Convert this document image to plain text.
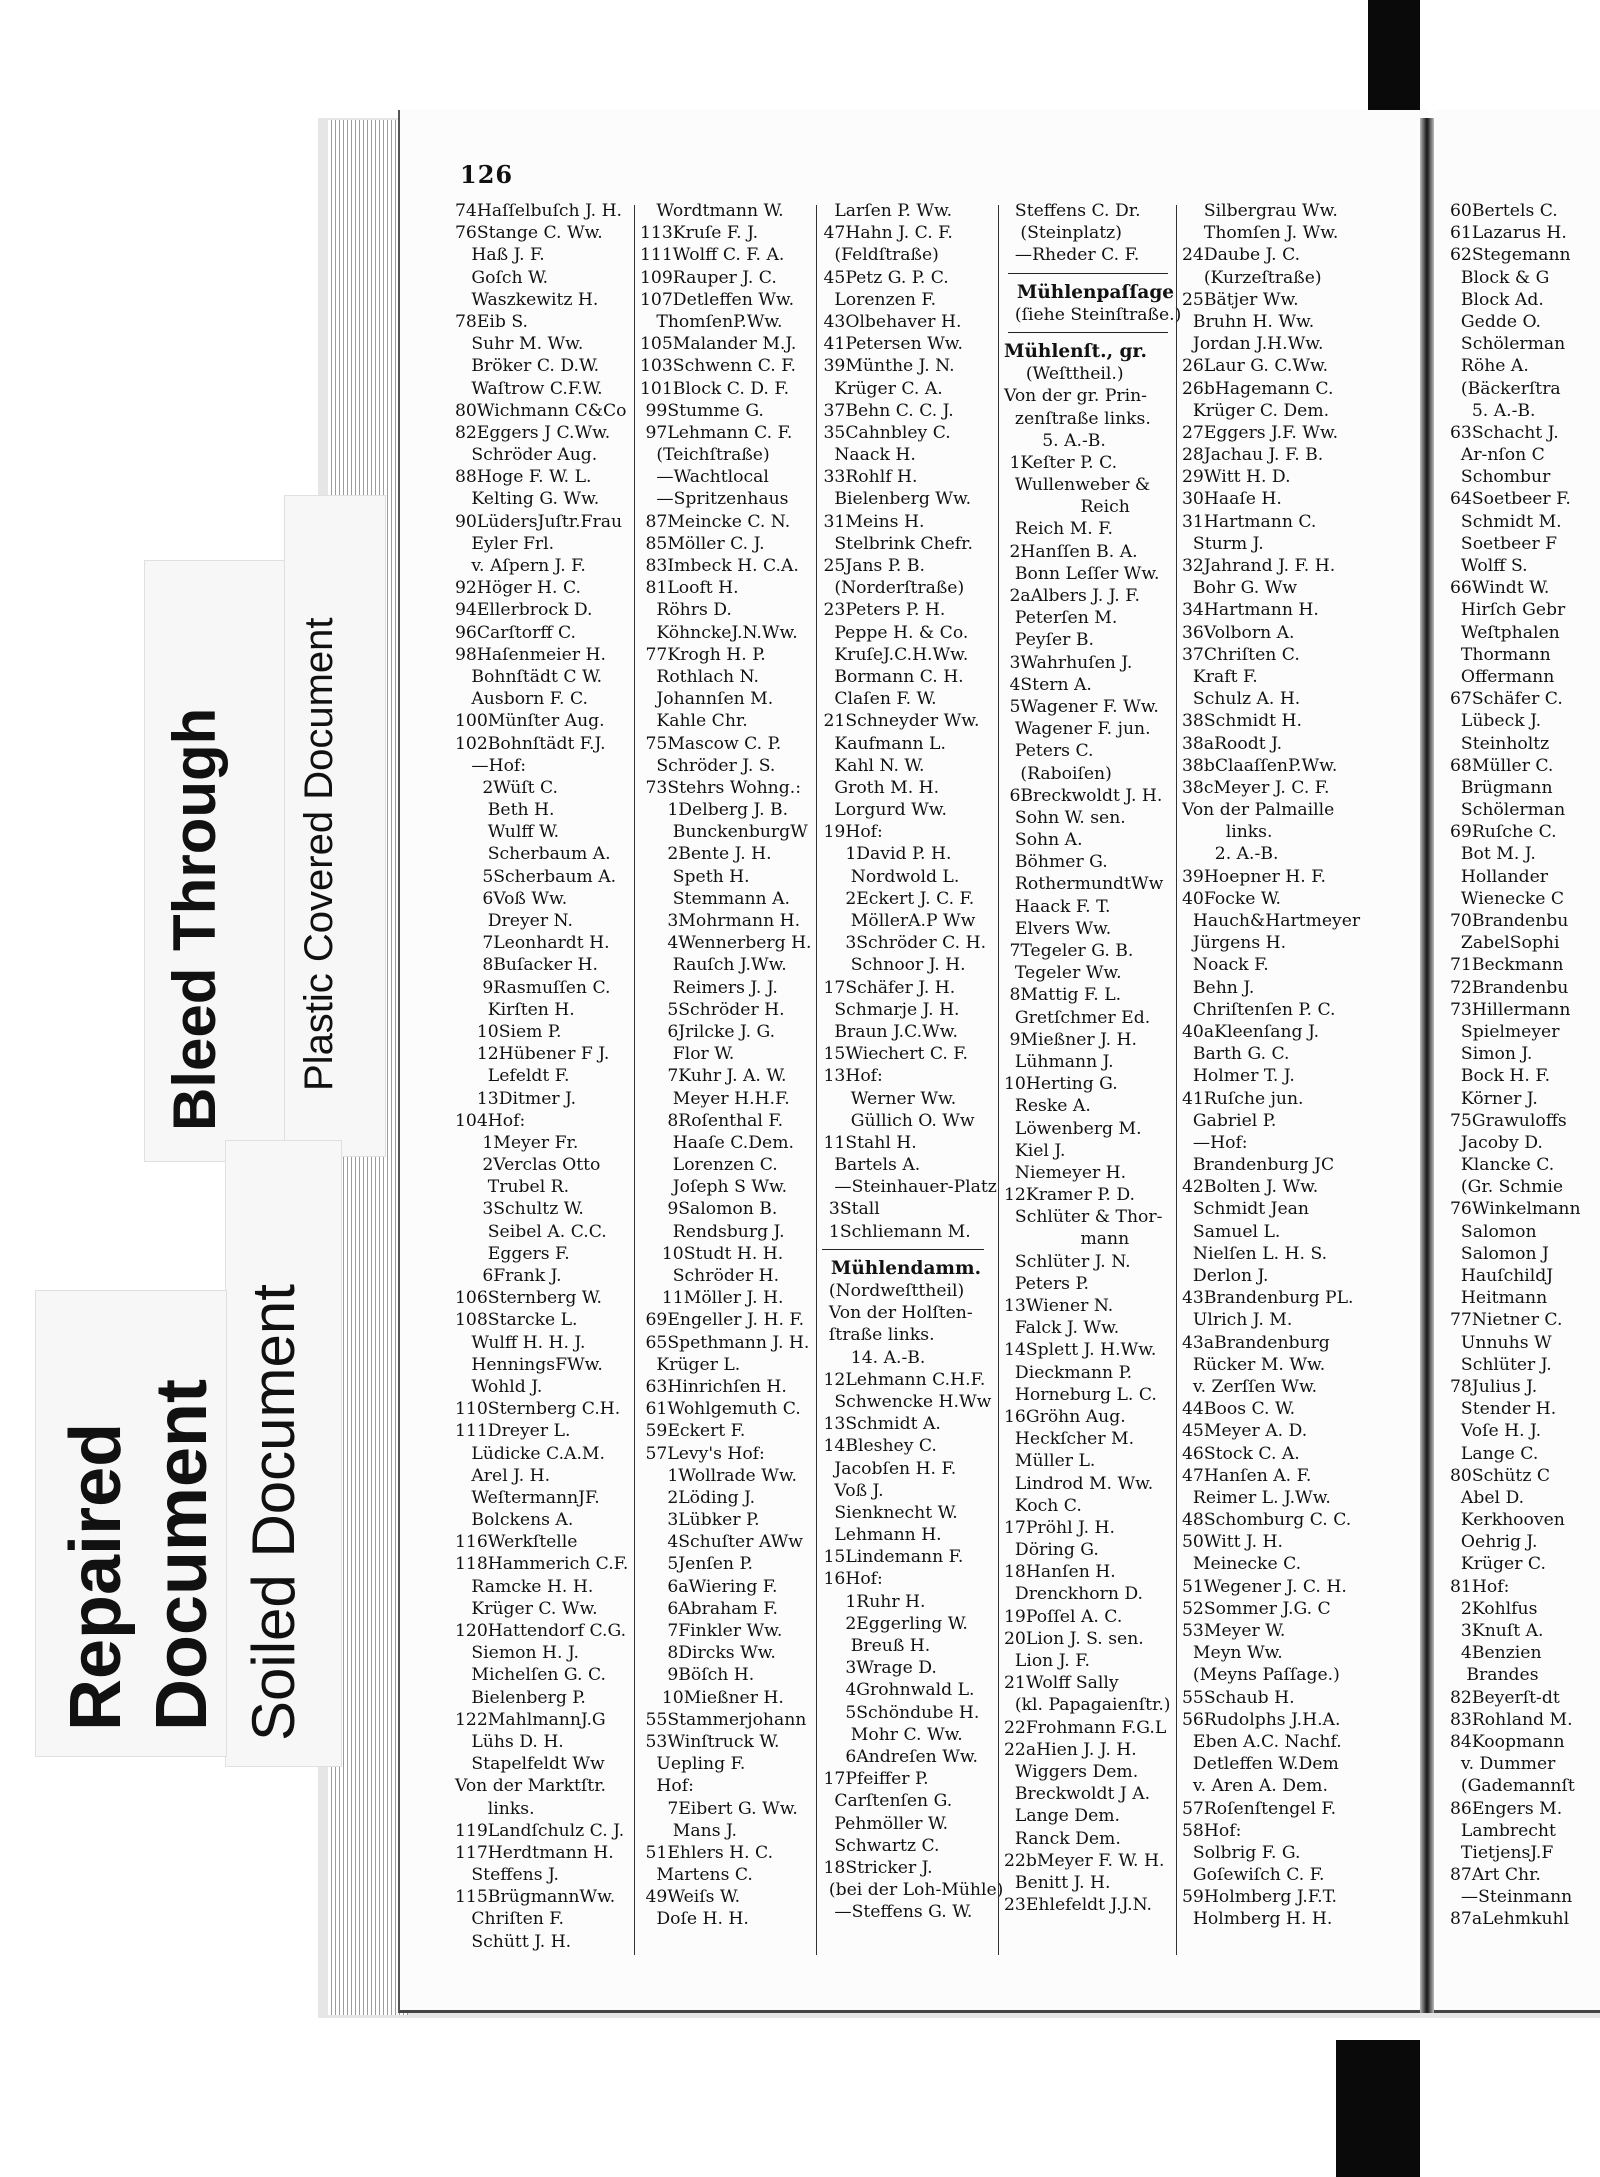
60Bertels C.
61Lazarus H.
62Stegemann
Block & G
Block Ad.
Gedde O.
Schölerman
Röhe A.
(Bäckerſtra
5. A.-B.
63Schacht J.
Ar-nſon C
Schombur
64Soetbeer F.
Schmidt M.
Soetbeer F
Wolff S.
66Windt W.
Hirſch Gebr
Weſtphalen
Thormann
Offermann
67Schäfer C.
Lübeck J.
Steinholtz
68Müller C.
Brügmann
Schölerman
69Ruſche C.
Bot M. J.
Hollander
Wienecke C
70Brandenbu
ZabelSophi
71Beckmann
72Brandenbu
73Hillermann
Spielmeyer
Simon J.
Bock H. F.
Körner J.
75Grawuloffs
Jacoby D.
Klancke C.
(Gr. Schmie
76Winkelmann
Salomon
Salomon J
HauſchildJ
Heitmann
77Nietner C.
Unnuhs W
Schlüter J.
78Julius J.
Stender H.
Voſe H. J.
Lange C.
80Schütz C
Abel D.
Kerkhooven
Oehrig J.
Krüger C.
81Hof:
2Kohlfus
3Knuſt A.
4Benzien
Brandes
82Beyerſt-dt
83Rohland M.
84Koopmann
v. Dummer
(Gademannſt
86Engers M.
Lambrecht
TietjensJ.F
87Art Chr.
—Steinmann
87aLehmkuhl
126
74Haſſelbuſch J. H.
76Stange C. Ww.
Haß J. F.
Goſch W.
Waszkewitz H.
78Eib S.
Suhr M. Ww.
Bröker C. D.W.
Waſtrow C.F.W.
80Wichmann C&Co
82Eggers J C.Ww.
Schröder Aug.
88Hoge F. W. L.
Kelting G. Ww.
90LüdersJuſtr.Frau
Eyler Frl.
v. Aſpern J. F.
92Höger H. C.
94Ellerbrock D.
96Carſtorff C.
98Haſenmeier H.
Bohnſtädt C W.
Ausborn F. C.
100Münſter Aug.
102Bohnſtädt F.J.
—Hof:
2Wüſt C.
Beth H.
Wulff W.
Scherbaum A.
5Scherbaum A.
6Voß Ww.
Dreyer N.
7Leonhardt H.
8Buſacker H.
9Rasmuſſen C.
Kirſten H.
10Siem P.
12Hübener F J.
Lefeldt F.
13Ditmer J.
104Hof:
1Meyer Fr.
2Verclas Otto
Trubel R.
3Schultz W.
Seibel A. C.C.
Eggers F.
6Frank J.
106Sternberg W.
108Starcke L.
Wulff H. H. J.
HenningsFWw.
Wohld J.
110Sternberg C.H.
111Dreyer L.
Lüdicke C.A.M.
Arel J. H.
WeſtermannJF.
Bolckens A.
116Werkſtelle
118Hammerich C.F.
Ramcke H. H.
Krüger C. Ww.
120Hattendorf C.G.
Siemon H. J.
Michelſen G. C.
Bielenberg P.
122MahlmannJ.G
Lühs D. H.
Stapelfeldt Ww
Von der Marktſtr.
links.
119Landſchulz C. J.
117Herdtmann H.
Steffens J.
115BrügmannWw.
Chriſten F.
Schütt J. H.
Wordtmann W.
113Kruſe F. J.
111Wolff C. F. A.
109Rauper J. C.
107Detleffen Ww.
ThomſenP.Ww.
105Malander M.J.
103Schwenn C. F.
101Block C. D. F.
99Stumme G.
97Lehmann C. F.
(Teichſtraße)
—Wachtlocal
—Spritzenhaus
87Meincke C. N.
85Möller C. J.
83Imbeck H. C.A.
81Looft H.
Röhrs D.
KöhnckeJ.N.Ww.
77Krogh H. P.
Rothlach N.
Johannſen M.
Kahle Chr.
75Mascow C. P.
Schröder J. S.
73Stehrs Wohng.:
1Delberg J. B.
BunckenburgW
2Bente J. H.
Speth H.
Stemmann A.
3Mohrmann H.
4Wennerberg H.
Rauſch J.Ww.
Reimers J. J.
5Schröder H.
6Jrilcke J. G.
Flor W.
7Kuhr J. A. W.
Meyer H.H.F.
8Roſenthal F.
Haaſe C.Dem.
Lorenzen C.
Joſeph S Ww.
9Salomon B.
Rendsburg J.
10Studt H. H.
Schröder H.
11Möller J. H.
69Engeller J. H. F.
65Spethmann J. H.
Krüger L.
63Hinrichſen H.
61Wohlgemuth C.
59Eckert F.
57Levy's Hof:
1Wollrade Ww.
2Löding J.
3Lübker P.
4Schuſter AWw
5Jenſen P.
6aWiering F.
6Abraham F.
7Finkler Ww.
8Dircks Ww.
9Böſch H.
10Mießner H.
55Stammerjohann
53Winſtruck W.
Uepling F.
Hof:
7Eibert G. Ww.
Mans J.
51Ehlers H. C.
Martens C.
49Weiſs W.
Doſe H. H.
Larſen P. Ww.
47Hahn J. C. F.
(Feldſtraße)
45Petz G. P. C.
Lorenzen F.
43Olbehaver H.
41Petersen Ww.
39Münthe J. N.
Krüger C. A.
37Behn C. C. J.
35Cahnbley C.
Naack H.
33Rohlf H.
Bielenberg Ww.
31Meins H.
Stelbrink Chefr.
25Jans P. B.
(Norderſtraße)
23Peters P. H.
Peppe H. & Co.
KruſeJ.C.H.Ww.
Bormann C. H.
Claſen F. W.
21Schneyder Ww.
Kaufmann L.
Kahl N. W.
Groth M. H.
Lorgurd Ww.
19Hof:
1David P. H.
Nordwold L.
2Eckert J. C. F.
MöllerA.P Ww
3Schröder C. H.
Schnoor J. H.
17Schäfer J. H.
Schmarje J. H.
Braun J.C.Ww.
15Wiechert C. F.
13Hof:
Werner Ww.
Güllich O. Ww
11Stahl H.
Bartels A.
—Steinhauer-Platz
3Stall
1Schliemann M.
Mühlendamm.
(Nordweſttheil)
Von der Holſten-
ſtraße links.
14. A.-B.
12Lehmann C.H.F.
Schwencke H.Ww
13Schmidt A.
14Bleshey C.
Jacobſen H. F.
Voß J.
Sienknecht W.
Lehmann H.
15Lindemann F.
16Hof:
1Ruhr H.
2Eggerling W.
Breuß H.
3Wrage D.
4Grohnwald L.
5Schöndube H.
Mohr C. Ww.
6Andreſen Ww.
17Pfeiffer P.
Carſtenſen G.
Pehmöller W.
Schwartz C.
18Stricker J.
(bei der Loh-Mühle)
—Steffens G. W.
Steffens C. Dr.
(Steinplatz)
—Rheder C. F.
Mühlenpaſſage
(ſiehe Steinſtraße.)
Mühlenſt., gr.
(Weſttheil.)
Von der gr. Prin-
zenſtraße links.
5. A.-B.
1Keſter P. C.
Wullenweber &
Reich
Reich M. F.
2Hanſſen B. A.
Bonn Leſſer Ww.
2aAlbers J. J. F.
Peterſen M.
Peyſer B.
3Wahrhuſen J.
4Stern A.
5Wagener F. Ww.
Wagener F. jun.
Peters C.
(Raboiſen)
6Breckwoldt J. H.
Sohn W. sen.
Sohn A.
Böhmer G.
RothermundtWw
Haack F. T.
Elvers Ww.
7Tegeler G. B.
Tegeler Ww.
8Mattig F. L.
Gretſchmer Ed.
9Mießner J. H.
Lühmann J.
10Herting G.
Reske A.
Löwenberg M.
Kiel J.
Niemeyer H.
12Kramer P. D.
Schlüter & Thor-
mann
Schlüter J. N.
Peters P.
13Wiener N.
Falck J. Ww.
14Splett J. H.Ww.
Dieckmann P.
Horneburg L. C.
16Gröhn Aug.
Heckſcher M.
Müller L.
Lindrod M. Ww.
Koch C.
17Pröhl J. H.
Döring G.
18Hanſen H.
Drenckhorn D.
19Poſſel A. C.
20Lion J. S. sen.
Lion J. F.
21Wolff Sally
(kl. Papagaienſtr.)
22Frohmann F.G.L
22aHien J. J. H.
Wiggers Dem.
Breckwoldt J A.
Lange Dem.
Ranck Dem.
22bMeyer F. W. H.
Benitt J. H.
23Ehlefeldt J.J.N.
Silbergrau Ww.
Thomſen J. Ww.
24Daube J. C.
(Kurzeſtraße)
25Bätjer Ww.
Bruhn H. Ww.
Jordan J.H.Ww.
26Laur G. C.Ww.
26bHagemann C.
Krüger C. Dem.
27Eggers J.F. Ww.
28Jachau J. F. B.
29Witt H. D.
30Haaſe H.
31Hartmann C.
Sturm J.
32Jahrand J. F. H.
Bohr G. Ww
34Hartmann H.
36Volborn A.
37Chriſten C.
Kraft F.
Schulz A. H.
38Schmidt H.
38aRoodt J.
38bClaaſſenP.Ww.
38cMeyer J. C. F.
Von der Palmaille
links.
2. A.-B.
39Hoepner H. F.
40Focke W.
Hauch&Hartmeyer
Jürgens H.
Noack F.
Behn J.
Chriſtenſen P. C.
40aKleenſang J.
Barth G. C.
Holmer T. J.
41Ruſche jun.
Gabriel P.
—Hof:
Brandenburg JC
42Bolten J. Ww.
Schmidt Jean
Samuel L.
Nielſen L. H. S.
Derlon J.
43Brandenburg PL.
Ulrich J. M.
43aBrandenburg
Rücker M. Ww.
v. Zerſſen Ww.
44Boos C. W.
45Meyer A. D.
46Stock C. A.
47Hanſen A. F.
Reimer L. J.Ww.
48Schomburg C. C.
50Witt J. H.
Meinecke C.
51Wegener J. C. H.
52Sommer J.G. C
53Meyer W.
Meyn Ww.
(Meyns Paſſage.)
55Schaub H.
56Rudolphs J.H.A.
Eben A.C. Nachf.
Detleffen W.Dem
v. Aren A. Dem.
57Roſenſtengel F.
58Hof:
Solbrig F. G.
Goſewiſch C. F.
59Holmberg J.F.T.
Holmberg H. H.
Bleed Through Plastic Covered Document
Soiled Document
Repaired Document
